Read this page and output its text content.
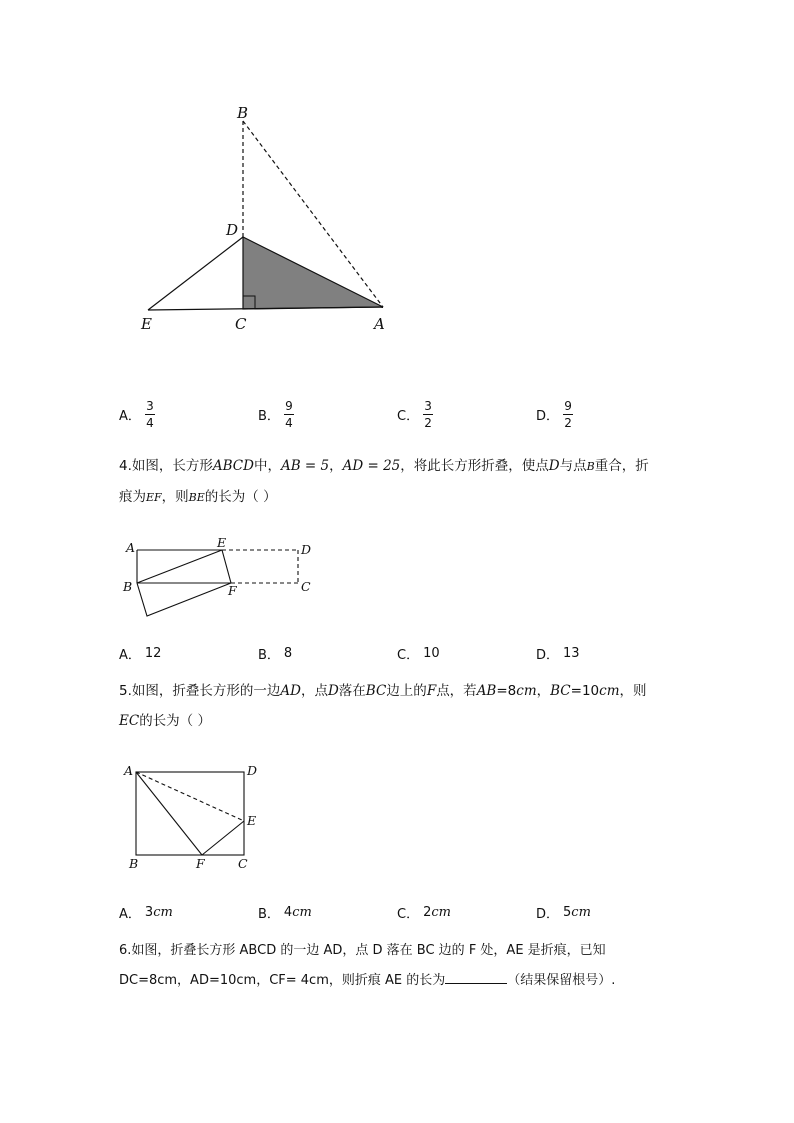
B
D
E	C	A
A． $\frac{3}{4}$	B． $\frac{9}{4}$	C． $\frac{3}{2}$	D． $\frac{9}{2}$
4.如图，长方形ABCD中，AB = 5，AD = 25，将此长方形折叠，使点D与点B重合，折
痕为EF，则BE的长为（ ）
A	E	D
B	F	C
A． 12	B． 8	C． 10	D． 13
5.如图，折叠长方形的一边AD，点D落在BC边上的F点，若AB=8cm，BC=10cm，则
EC的长为（ ）
A	D
E
B	F	C
A． 3 cm	B． 4 cm	C． 2 cm	D． 5 cm
6.如图，折叠长方形 ABCD 的一边 AD，点 D 落在 BC 边的 F 处，AE 是折痕，已知
DC=8cm，AD=10cm，CF= 4cm，则折痕 AE 的长为	（结果保留根号）.
